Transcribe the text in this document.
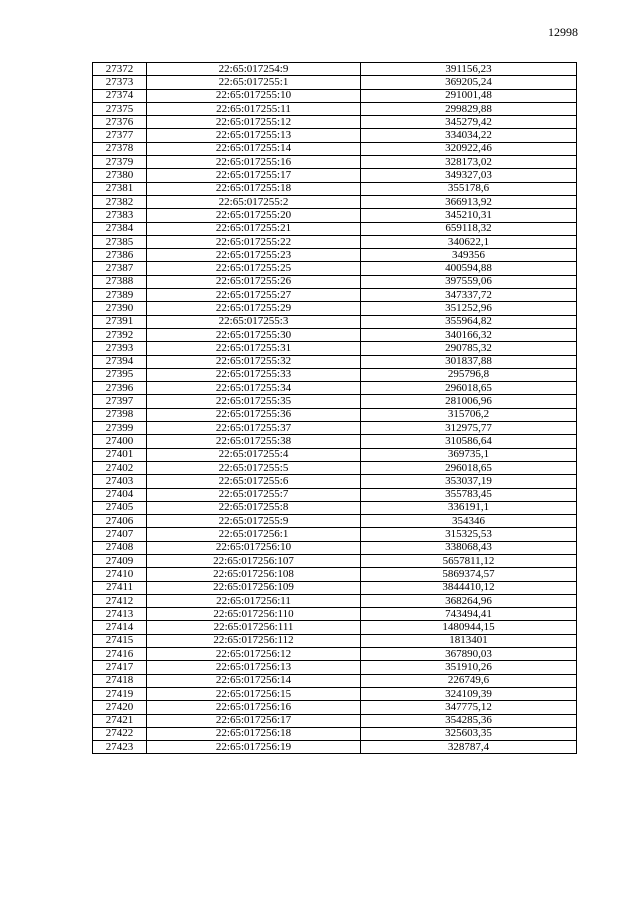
12998
27372	22:65:017254:9	391156,23
27373	22:65:017255:1	369205,24
27374	22:65:017255:10	291001,48
27375	22:65:017255:11	299829,88
27376	22:65:017255:12	345279,42
27377	22:65:017255:13	334034,22
27378	22:65:017255:14	320922,46
27379	22:65:017255:16	328173,02
27380	22:65:017255:17	349327,03
27381	22:65:017255:18	355178,6
27382	22:65:017255:2	366913,92
27383	22:65:017255:20	345210,31
27384	22:65:017255:21	659118,32
27385	22:65:017255:22	340622,1
27386	22:65:017255:23	349356
27387	22:65:017255:25	400594,88
27388	22:65:017255:26	397559,06
27389	22:65:017255:27	347337,72
27390	22:65:017255:29	351252,96
27391	22:65:017255:3	355964,82
27392	22:65:017255:30	340166,32
27393	22:65:017255:31	290785,32
27394	22:65:017255:32	301837,88
27395	22:65:017255:33	295796,8
27396	22:65:017255:34	296018,65
27397	22:65:017255:35	281006,96
27398	22:65:017255:36	315706,2
27399	22:65:017255:37	312975,77
27400	22:65:017255:38	310586,64
27401	22:65:017255:4	369735,1
27402	22:65:017255:5	296018,65
27403	22:65:017255:6	353037,19
27404	22:65:017255:7	355783,45
27405	22:65:017255:8	336191,1
27406	22:65:017255:9	354346
27407	22:65:017256:1	315325,53
27408	22:65:017256:10	338068,43
27409	22:65:017256:107	5657811,12
27410	22:65:017256:108	5869374,57
27411	22:65:017256:109	3844410,12
27412	22:65:017256:11	368264,96
27413	22:65:017256:110	743494,41
27414	22:65:017256:111	1480944,15
27415	22:65:017256:112	1813401
27416	22:65:017256:12	367890,03
27417	22:65:017256:13	351910,26
27418	22:65:017256:14	226749,6
27419	22:65:017256:15	324109,39
27420	22:65:017256:16	347775,12
27421	22:65:017256:17	354285,36
27422	22:65:017256:18	325603,35
27423	22:65:017256:19	328787,4
